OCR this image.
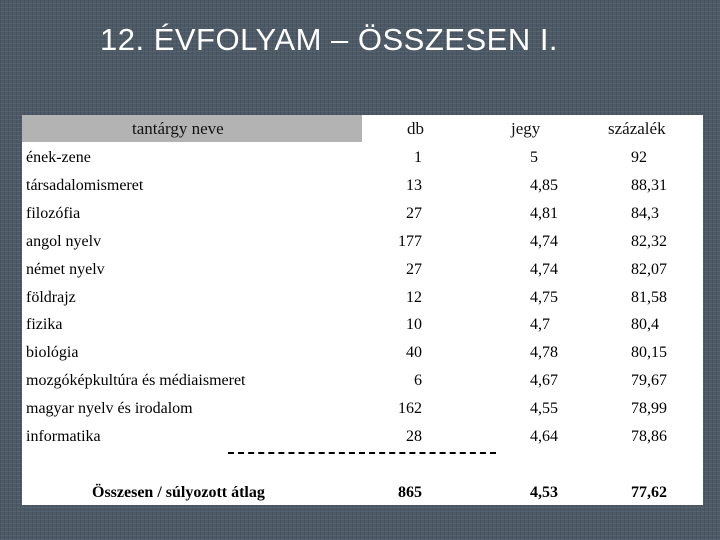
12. ÉVFOLYAM – ÖSSZESEN I.
tantárgy neve	db	jegy	százalék
ének-zene	1	5	92
társadalomismeret	13	4,85	88,31
filozófia	27	4,81	84,3
angol nyelv	177	4,74	82,32
német nyelv	27	4,74	82,07
földrajz	12	4,75	81,58
fizika	10	4,7	80,4
biológia	40	4,78	80,15
mozgóképkultúra és médiaismeret	6	4,67	79,67
magyar nyelv és irodalom	162	4,55	78,99
informatika	28	4,64	78,86
Összesen / súlyozott átlag	865	4,53	77,62
